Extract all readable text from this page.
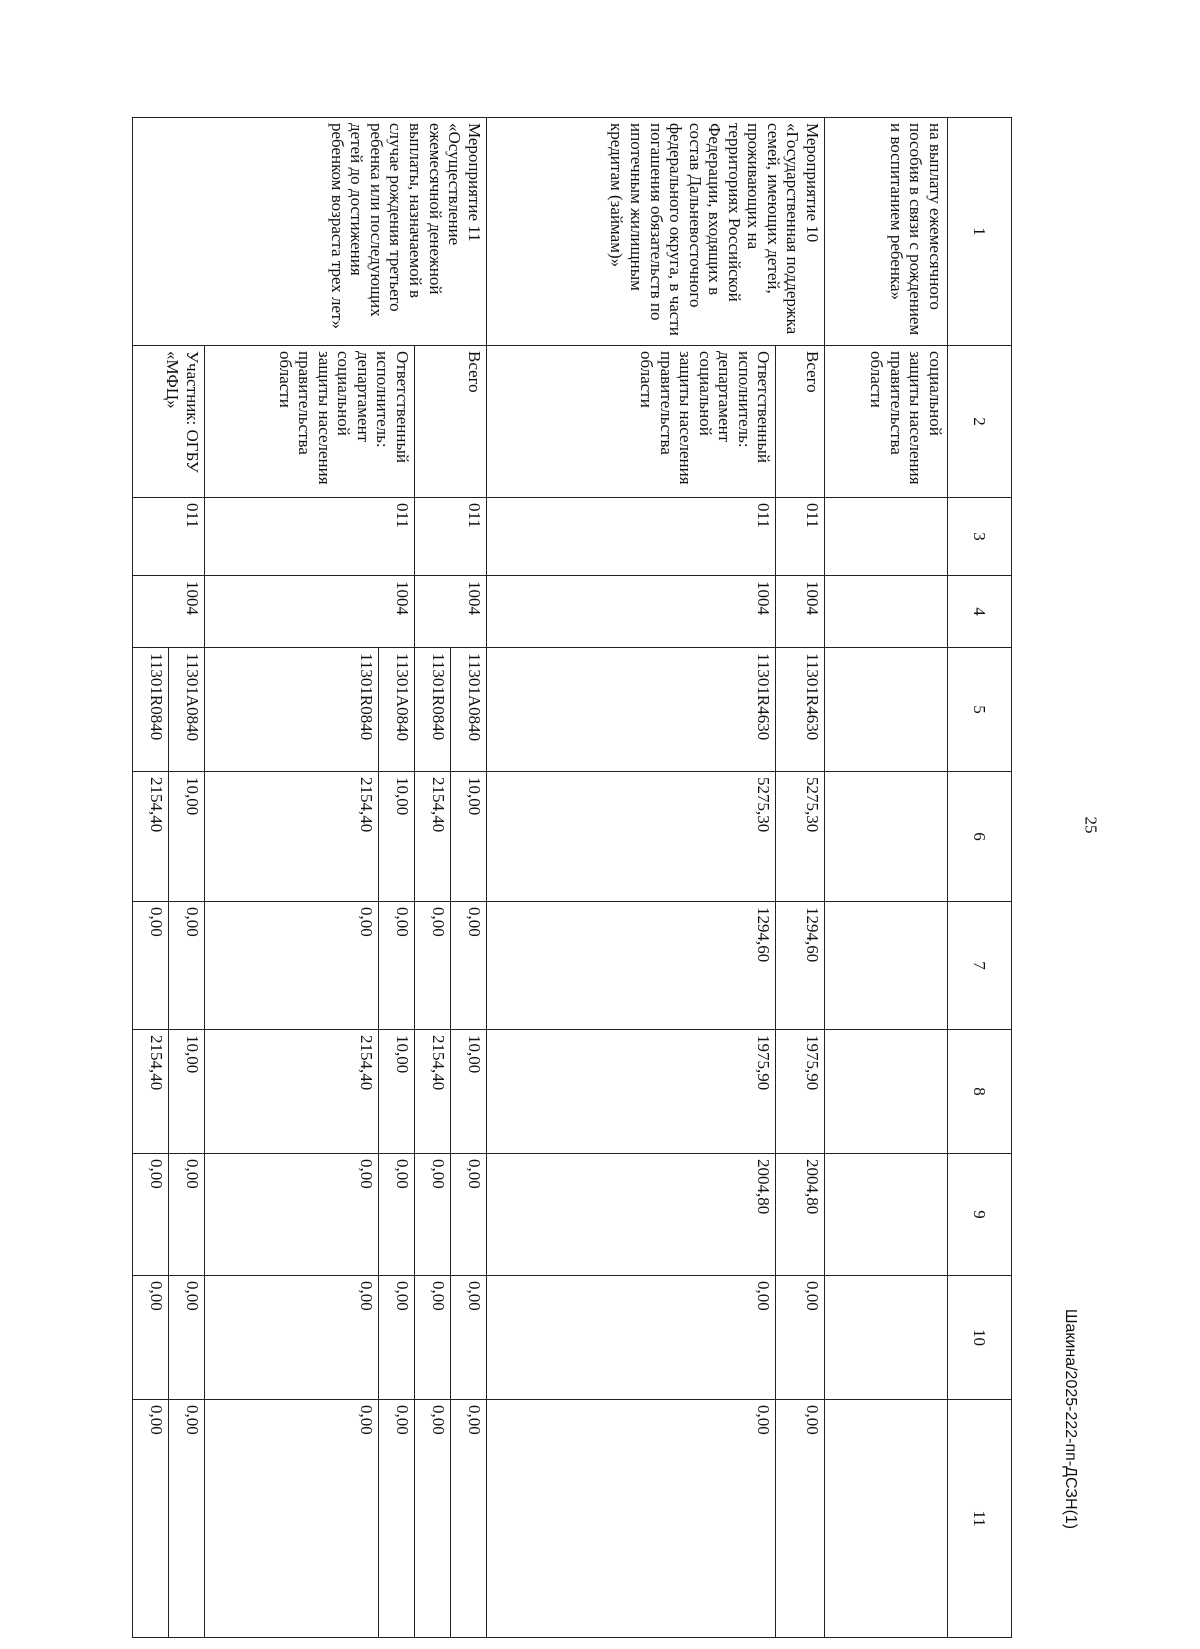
25
Шакина/2025-222-пп-ДСЗН(1)
1	2	3	4	5	6	7	8	9	10	11
на выплату ежемесячного пособия в связи с рождением и воспитанием ребенка»	социальной защиты населения правительства области									
Мероприятие 10 «Государственная поддержка семей, имеющих детей, проживающих на территориях Российской Федерации, входящих в состав Дальневосточного федерального округа, в части погашения обязательств по ипотечным жилищным кредитам (займам)»	Всего	011	1004	11301R4630	5275,30	1294,60	1975,90	2004,80	0,00	0,00
	Ответственный исполнитель: департамент социальной защиты населения правительства области	011	1004	11301R4630	5275,30	1294,60	1975,90	2004,80	0,00	0,00
Мероприятие 11 «Осуществление ежемесячной денежной выплаты, назначаемой в случае рождения третьего ребенка или последующих детей до достижения ребенком возраста трех лет»	Всего	011	1004	11301A0840	10,00	0,00	10,00	0,00	0,00	0,00
				11301R0840	2154,40	0,00	2154,40	0,00	0,00	0,00
	Ответственный исполнитель: департамент социальной защиты населения правительства области	011	1004	11301A0840	10,00	0,00	10,00	0,00	0,00	0,00
				11301R0840	2154,40	0,00	2154,40	0,00	0,00	0,00
	Участник: ОГБУ «МФЦ»	011	1004	11301A0840	10,00	0,00	10,00	0,00	0,00	0,00
				11301R0840	2154,40	0,00	2154,40	0,00	0,00	0,00
